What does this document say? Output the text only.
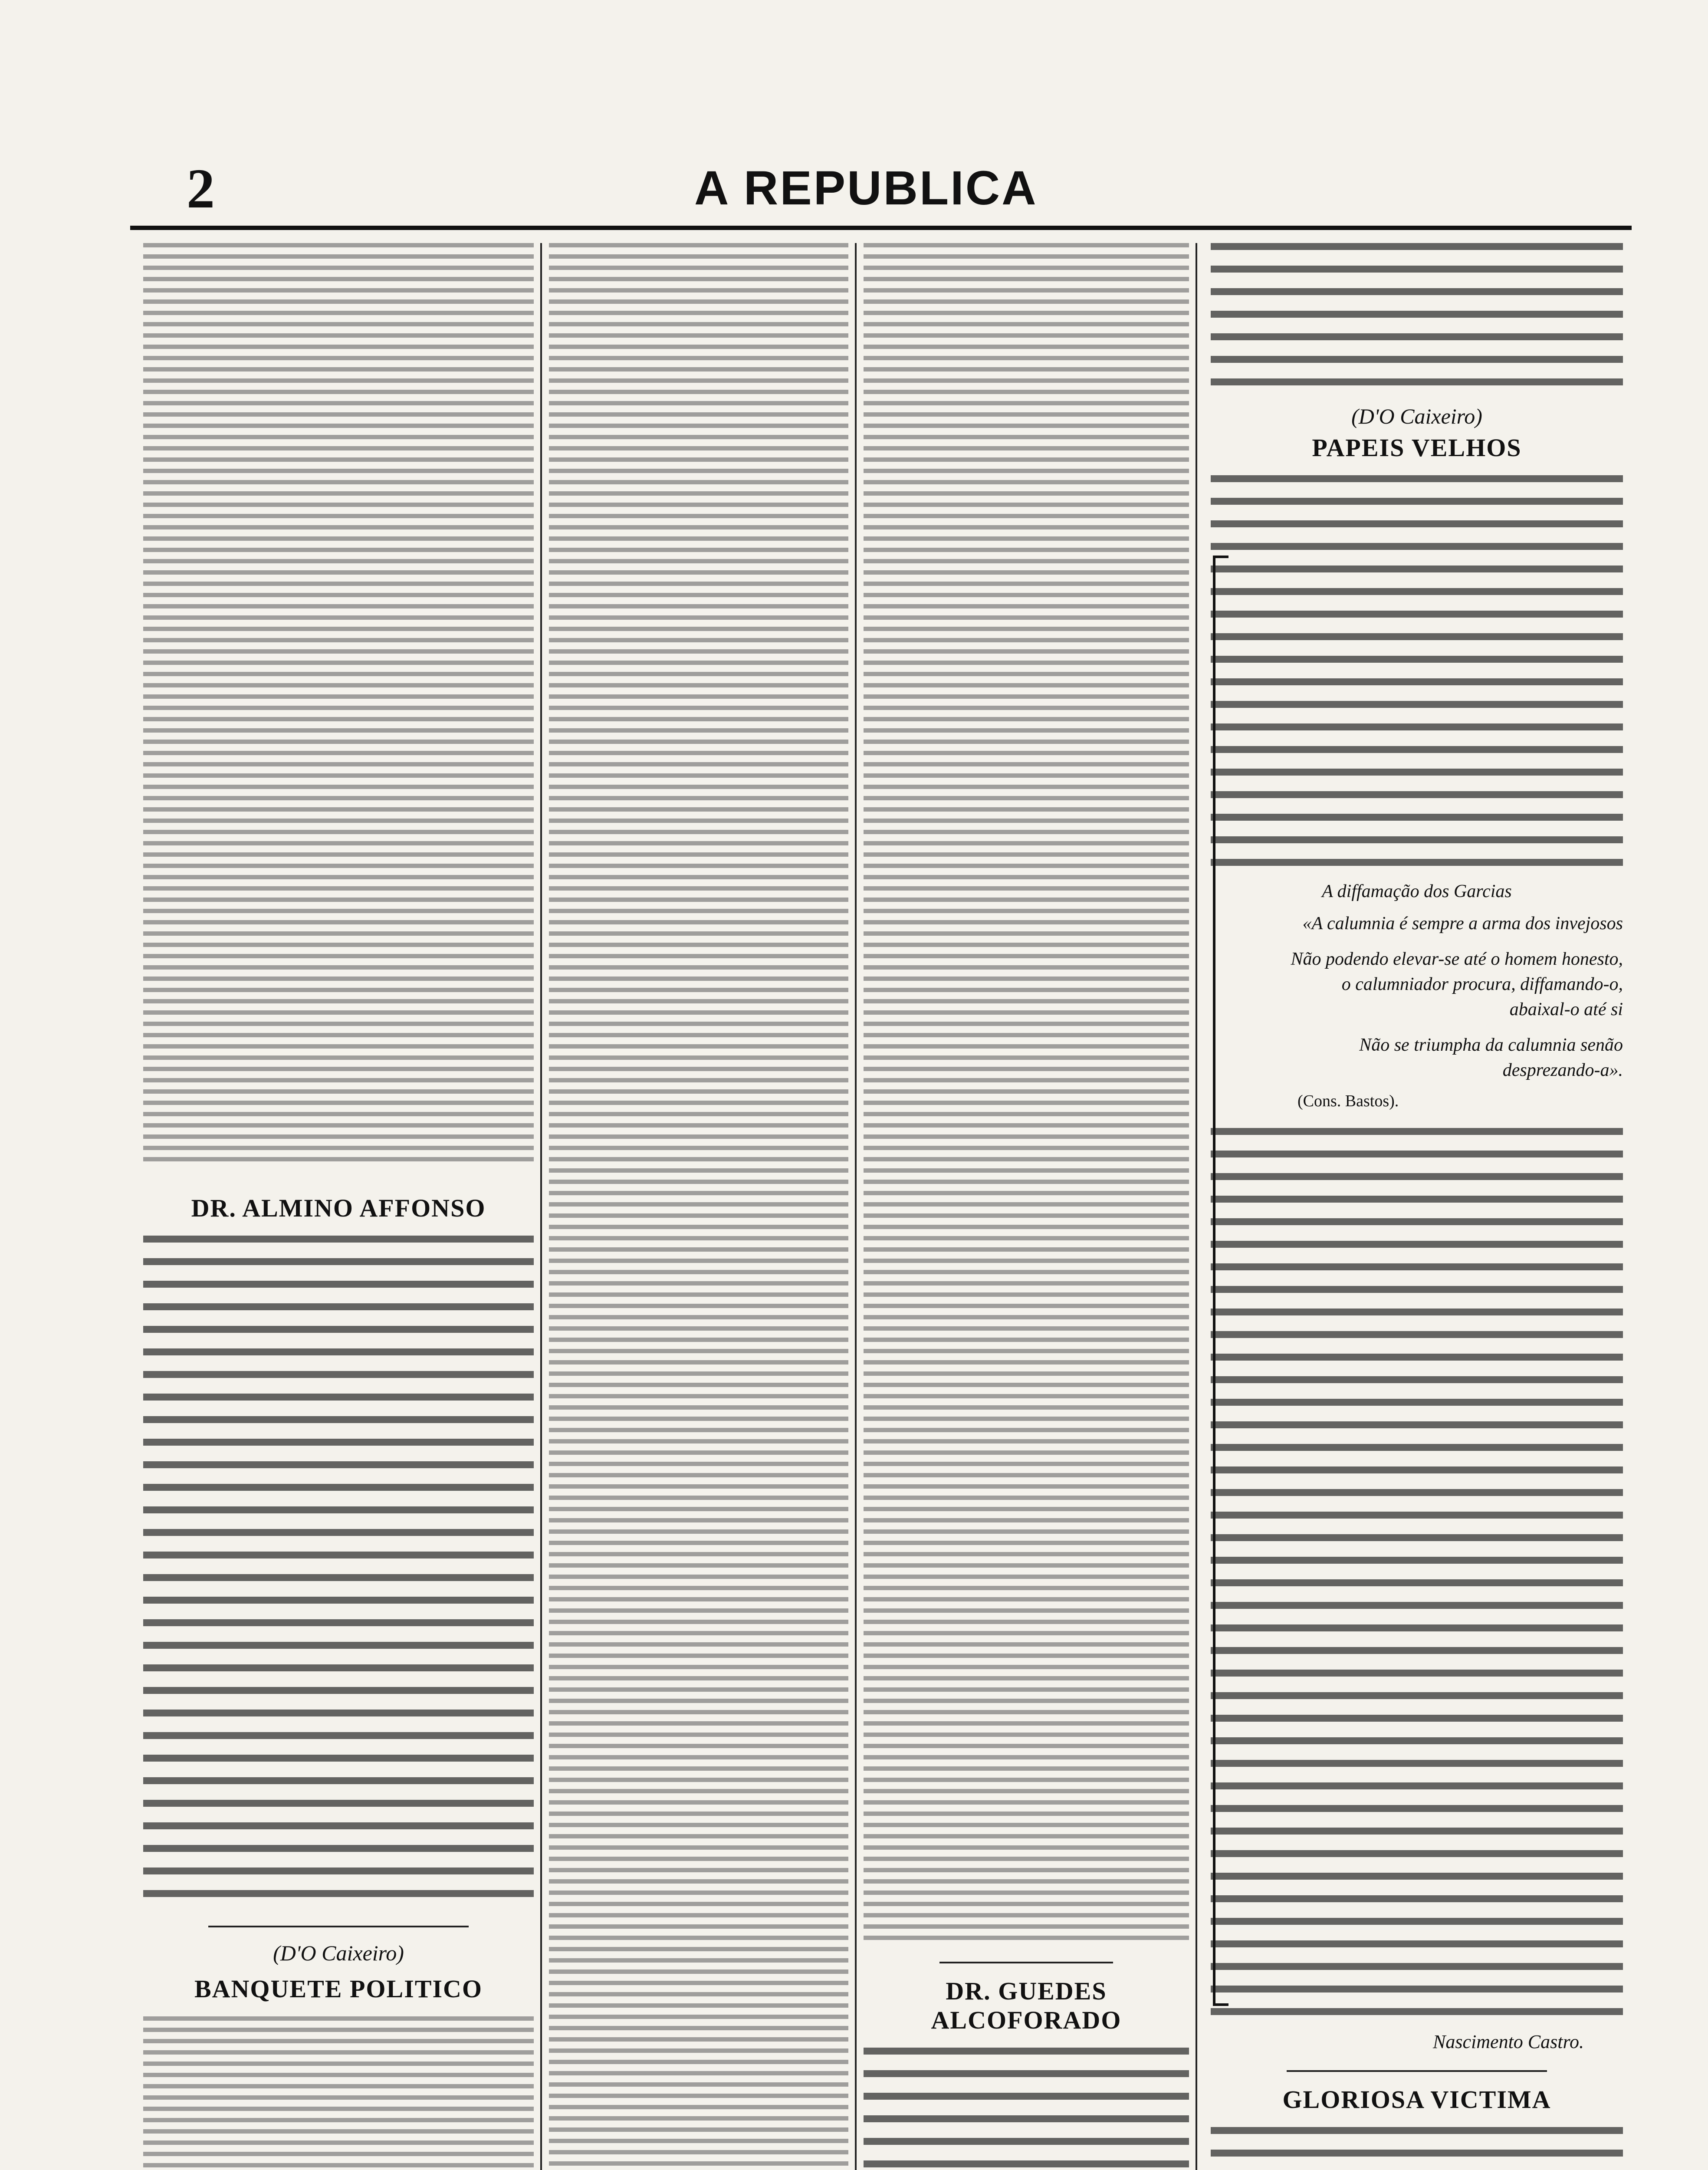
2	A REPUBLICA
DR. ALMINO AFFONSO
(D'O Caixeiro)
BANQUETE POLITICO	DR. GUEDES ALCOFORADO
(D'O Caixeiro)
PAPEIS VELHOS
A diffamação dos Garcias
«A calumnia é sempre a arma dos invejosos
Não podendo elevar-se até o homem honesto, o calumniador procura, diffamando-o, abaixal-o até si
Não se triumpha da calumnia senão desprezando-a».
(Cons. Bastos).
Nascimento Castro.
GLORIOSA VICTIMA
